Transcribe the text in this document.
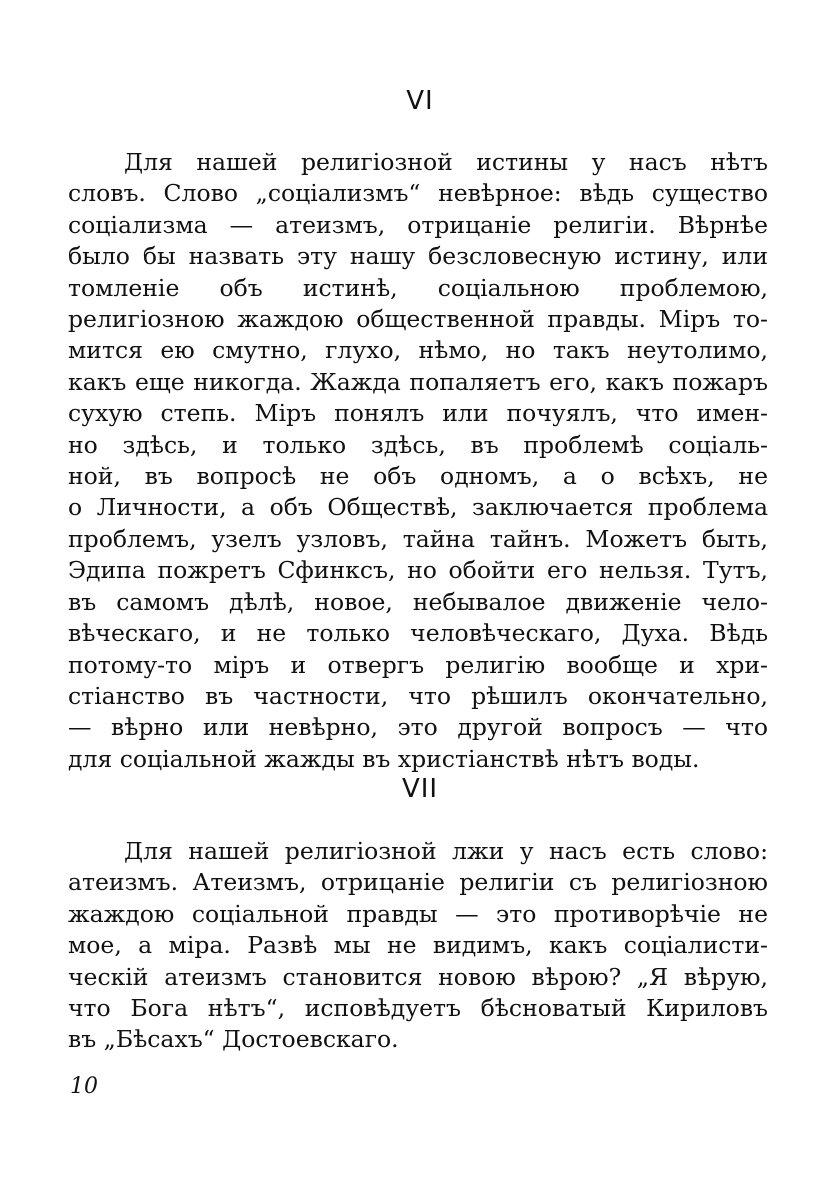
VI
Для нашей религіозной истины у насъ нѣтъ
словъ. Слово „соціализмъ“ невѣрное: вѣдь существо
соціализма — атеизмъ, отрицаніе религіи. Вѣрнѣе
было бы назвать эту нашу безсловесную истину, или
томленіе объ истинѣ, соціальною проблемою,
религіозною жаждою общественной правды. Міръ то-
мится ею смутно, глухо, нѣмо, но такъ неутолимо,
какъ еще никогда. Жажда попаляетъ его, какъ пожаръ
сухую степь. Міръ понялъ или почуялъ, что имен-
но здѣсь, и только здѣсь, въ проблемѣ соціаль-
ной, въ вопросѣ не объ одномъ, а о всѣхъ, не
о Личности, а объ Обществѣ, заключается проблема
проблемъ, узелъ узловъ, тайна тайнъ. Можетъ быть,
Эдипа пожретъ Сфинксъ, но обойти его нельзя. Тутъ,
въ самомъ дѣлѣ, новое, небывалое движеніе чело-
вѣческаго, и не только человѣческаго, Духа. Вѣдь
потому-то міръ и отвергъ религію вообще и хри-
стіанство въ частности, что рѣшилъ окончательно,
— вѣрно или невѣрно, это другой вопросъ — что
для соціальной жажды въ христіанствѣ нѣтъ воды.
VII
Для нашей религіозной лжи у насъ есть слово:
атеизмъ. Атеизмъ, отрицаніе религіи съ религіозною
жаждою соціальной правды — это противорѣчіе не
мое, а міра. Развѣ мы не видимъ, какъ соціалисти-
ческій атеизмъ становится новою вѣрою? „Я вѣрую,
что Бога нѣтъ“, исповѣдуетъ бѣсноватый Кириловъ
въ „Бѣсахъ“ Достоевскаго.
10
